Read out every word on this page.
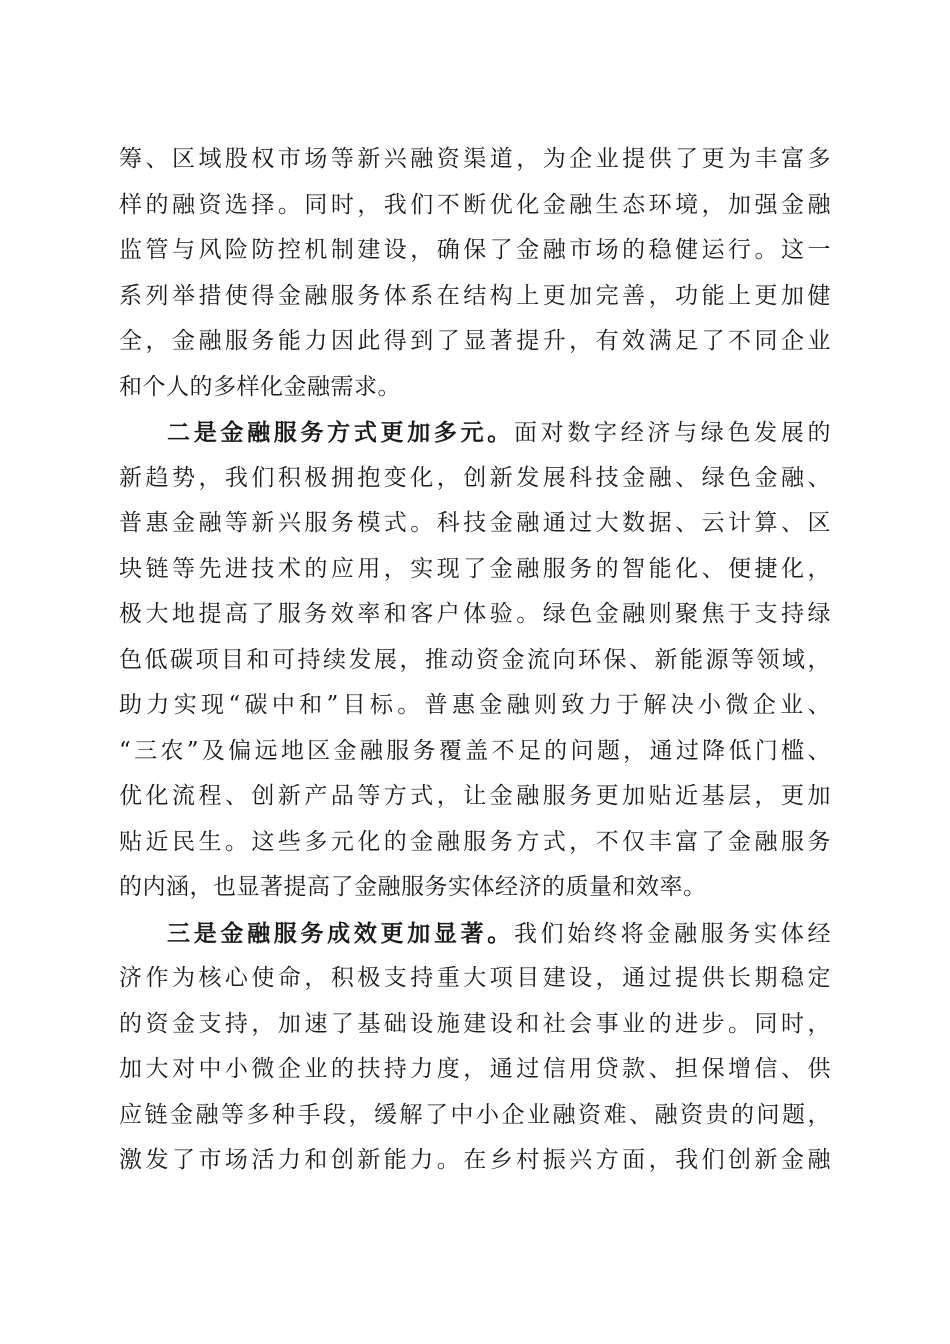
筹、区域股权市场等新兴融资渠道，为企业提供了更为丰富多
样的融资选择。同时，我们不断优化金融生态环境，加强金融
监管与风险防控机制建设，确保了金融市场的稳健运行。这一
系列举措使得金融服务体系在结构上更加完善，功能上更加健
全，金融服务能力因此得到了显著提升，有效满足了不同企业
和个人的多样化金融需求。
二是金融服务方式更加多元。面对数字经济与绿色发展的
新趋势，我们积极拥抱变化，创新发展科技金融、绿色金融、
普惠金融等新兴服务模式。科技金融通过大数据、云计算、区
块链等先进技术的应用，实现了金融服务的智能化、便捷化，
极大地提高了服务效率和客户体验。绿色金融则聚焦于支持绿
色低碳项目和可持续发展，推动资金流向环保、新能源等领域，
助力实现“碳中和”目标。普惠金融则致力于解决小微企业、
“三农”及偏远地区金融服务覆盖不足的问题，通过降低门槛、
优化流程、创新产品等方式，让金融服务更加贴近基层，更加
贴近民生。这些多元化的金融服务方式，不仅丰富了金融服务
的内涵，也显著提高了金融服务实体经济的质量和效率。
三是金融服务成效更加显著。我们始终将金融服务实体经
济作为核心使命，积极支持重大项目建设，通过提供长期稳定
的资金支持，加速了基础设施建设和社会事业的进步。同时，
加大对中小微企业的扶持力度，通过信用贷款、担保增信、供
应链金融等多种手段，缓解了中小企业融资难、融资贵的问题，
激发了市场活力和创新能力。在乡村振兴方面，我们创新金融
